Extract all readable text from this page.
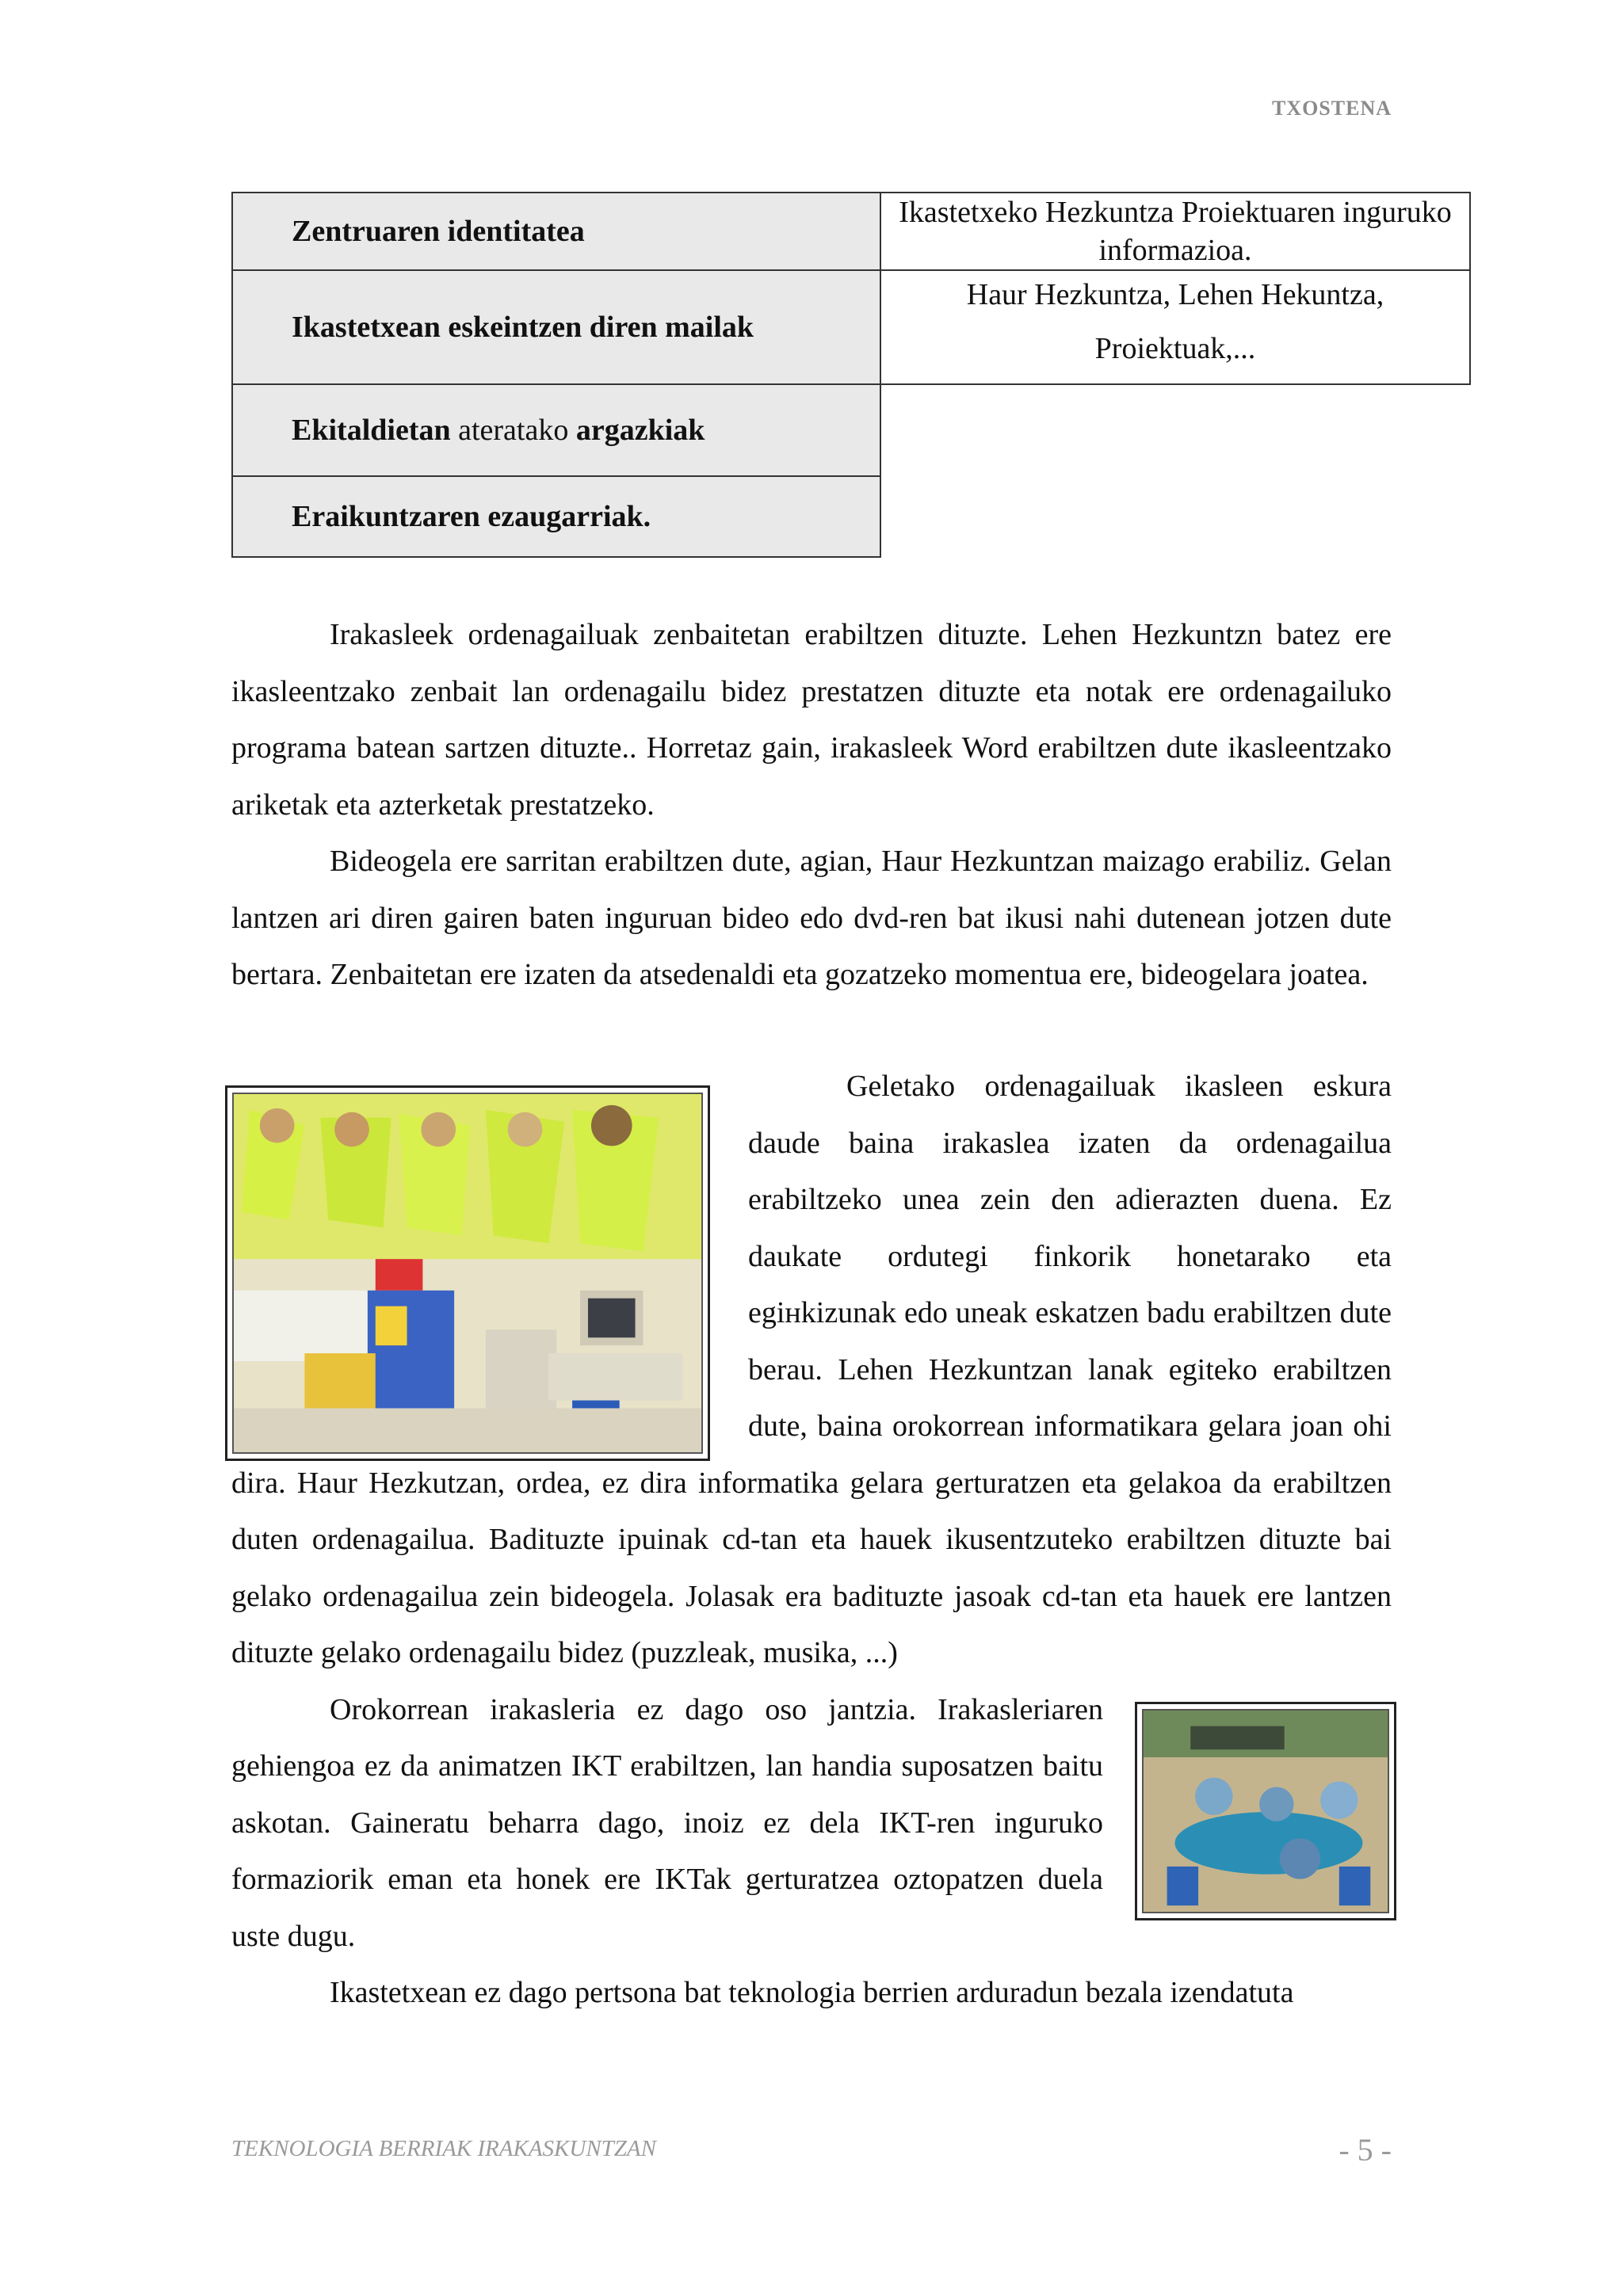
TXOSTENA
Zentruaren identitatea	Ikastetxeko Hezkuntza Proiektuaren inguruko informazioa.
Ikastetxean eskeintzen diren mailak	Haur Hezkuntza, Lehen Hekuntza,
Proiektuak,...

Ekitaldietan ateratako argazkiak	
Eraikuntzaren ezaugarriak.	

Irakasleek ordenagailuak zenbaitetan erabiltzen dituzte. Lehen Hezkuntzn batez ere ikasleentzako zenbait lan ordenagailu bidez prestatzen dituzte eta notak ere ordenagailuko programa batean sartzen dituzte.. Horretaz gain, irakasleek Word erabiltzen dute ikasleentzako ariketak eta azterketak prestatzeko.

Bideogela ere sarritan erabiltzen dute, agian, Haur Hezkuntzan maizago erabiliz. Gelan lantzen ari diren gairen baten inguruan bideo edo dvd-ren bat ikusi nahi dutenean jotzen dute bertara. Zenbaitetan ere izaten da atsedenaldi eta gozatzeko momentua ere, bideogelara joatea.

Geletako ordenagailuak ikasleen eskura daude baina irakaslea izaten da ordenagailua erabiltzeko unea zein den adierazten duena. Ez daukate ordutegi finkorik honetarako eta egінkizunak edo uneak eskatzen badu erabiltzen dute berau. Lehen Hezkuntzan lanak egiteko erabiltzen dute, baina orokorrean informatikara gelara joan ohi dira. Haur Hezkutzan, ordea, ez dira informatika gelara gerturatzen eta gelakoa da erabiltzen duten ordenagailua. Badituzte ipuinak cd-tan eta hauek ikusentzuteko erabiltzen dituzte bai gelako ordenagailua zein bideogela. Jolasak era badituzte jasoak cd-tan eta hauek ere lantzen dituzte gelako ordenagailu bidez (puzzleak, musika, ...)

Orokorrean irakasleria ez dago oso jantzia. Irakasleriaren gehiengoa ez da animatzen IKT erabiltzen, lan handia suposatzen baitu askotan. Gaineratu beharra dago, inoiz ez dela IKT-ren inguruko formaziorik eman eta honek ere IKTak gerturatzea oztopatzen duela uste dugu.

Ikastetxean ez dago pertsona bat teknologia berrien arduradun bezala izendatuta

TEKNOLOGIA BERRIAK IRAKASKUNTZAN	- 5 -
